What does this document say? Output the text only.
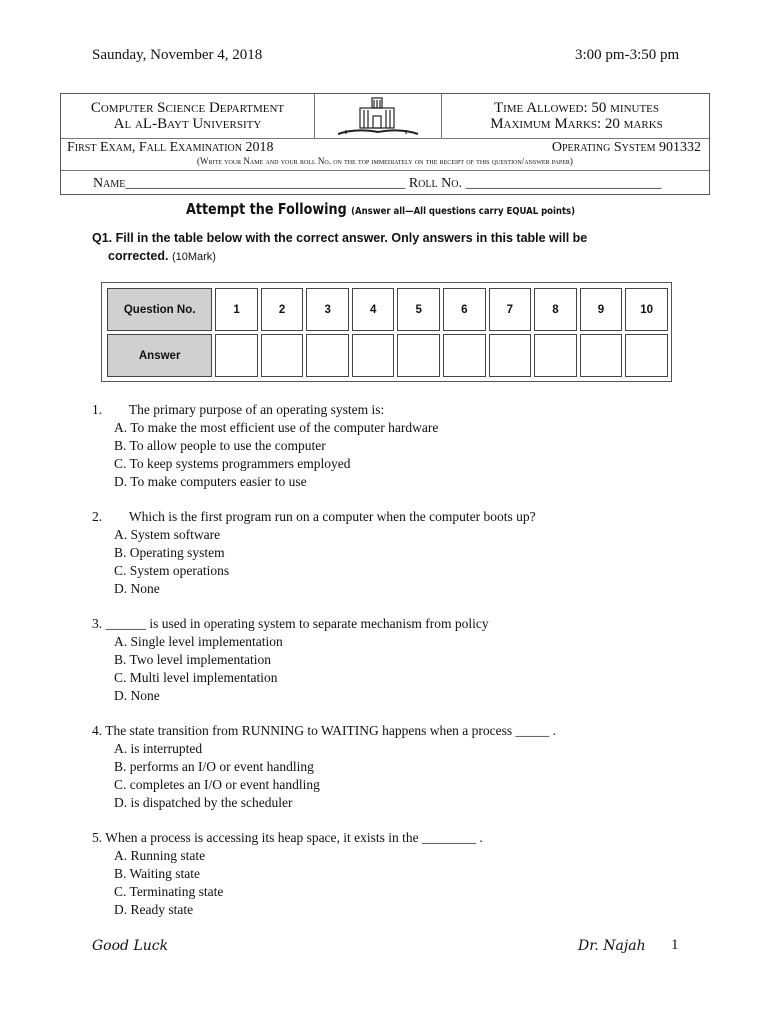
Saunday, November 4, 2018	3:00 pm-3:50 pm
Computer Science Department
Al aL-Bayt University
Time Allowed: 50 minutes
Maximum Marks: 20 marks
First Exam, Fall Examination 2018	Operating System 901332
(Write your Name and your roll No. on the top immediately on the receipt of this question/answer paper)
Name________________________________________ Roll No. ____________________________
Attempt the Following (Answer all—All questions carry EQUAL points)
Q1. Fill in the table below with the correct answer. Only answers in this table will be
corrected. (10Mark)
Question No.	1	2	3	4	5	6	7	8	9	10
Answer										
1.        The primary purpose of an operating system is:
A. To make the most efficient use of the computer hardware
B. To allow people to use the computer
C. To keep systems programmers employed
D. To make computers easier to use
2.        Which is the first program run on a computer when the computer boots up?
A. System software
B. Operating system
C. System operations
D. None
3. ______ is used in operating system to separate mechanism from policy
A. Single level implementation
B. Two level implementation
C. Multi level implementation
D. None
4. The state transition from RUNNING to WAITING happens when a process _____ .
A. is interrupted
B. performs an I/O or event handling
C. completes an I/O or event handling
D. is dispatched by the scheduler
5. When a process is accessing its heap space, it exists in the ________ .
A. Running state
B. Waiting state
C. Terminating state
D. Ready state
Good Luck	Dr. Najah 1
